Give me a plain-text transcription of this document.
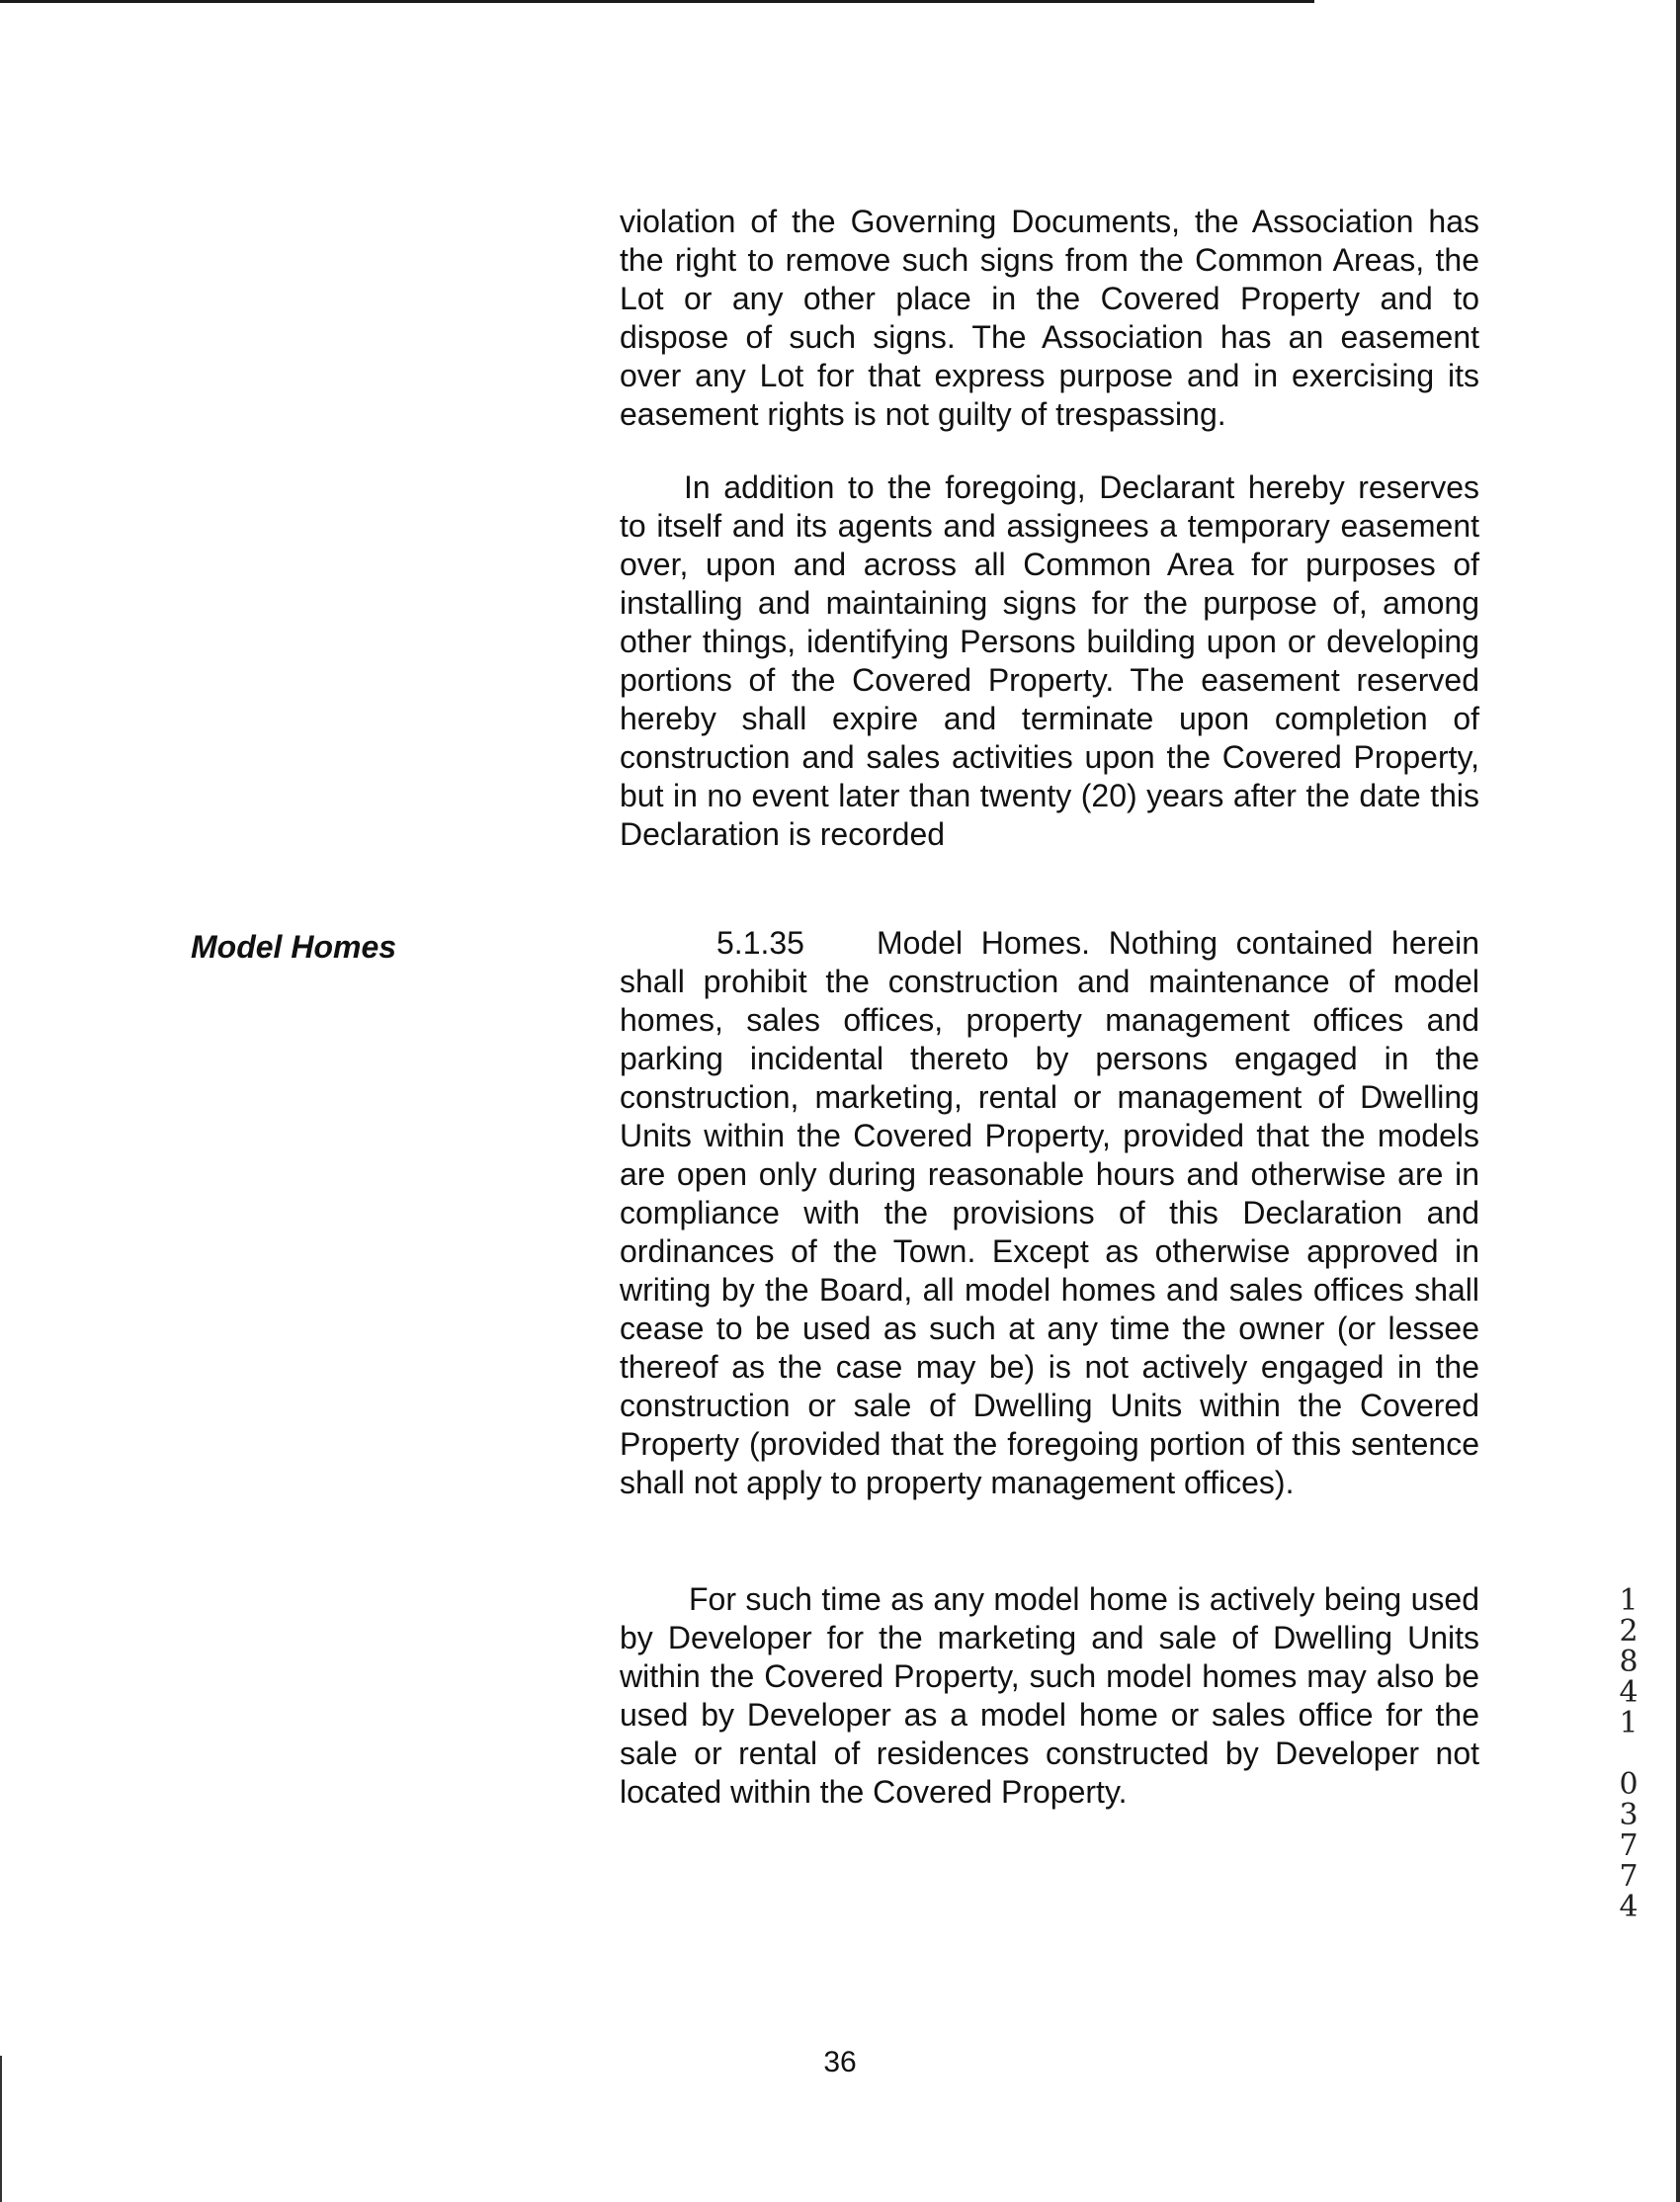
violation of the Governing Documents, the Association has the right to remove such signs from the Common Areas, the Lot or any other place in the Covered Property and to dispose of such signs. The Association has an easement over any Lot for that express purpose and in exercising its easement rights is not guilty of trespassing.

In addition to the foregoing, Declarant hereby reserves to itself and its agents and assignees a temporary easement over, upon and across all Common Area for purposes of installing and maintaining signs for the purpose of, among other things, identifying Persons building upon or developing portions of the Covered Property. The easement reserved hereby shall expire and terminate upon completion of construction and sales activities upon the Covered Property, but in no event later than twenty (20) years after the date this Declaration is recorded

Model Homes	5.1.35 Model Homes. Nothing contained herein shall prohibit the construction and maintenance of model homes, sales offices, property management offices and parking incidental thereto by persons engaged in the construction, marketing, rental or management of Dwelling Units within the Covered Property, provided that the models are open only during reasonable hours and otherwise are in compliance with the provisions of this Declaration and ordinances of the Town. Except as otherwise approved in writing by the Board, all model homes and sales offices shall cease to be used as such at any time the owner (or lessee thereof as the case may be) is not actively engaged in the construction or sale of Dwelling Units within the Covered Property (provided that the foregoing portion of this sentence shall not apply to property management offices).

For such time as any model home is actively being used by Developer for the marketing and sale of Dwelling Units within the Covered Property, such model homes may also be used by Developer as a model home or sales office for the sale or rental of residences constructed by Developer not located within the Covered Property.

36

1
2
8
4
1
0
3
7
7
4
